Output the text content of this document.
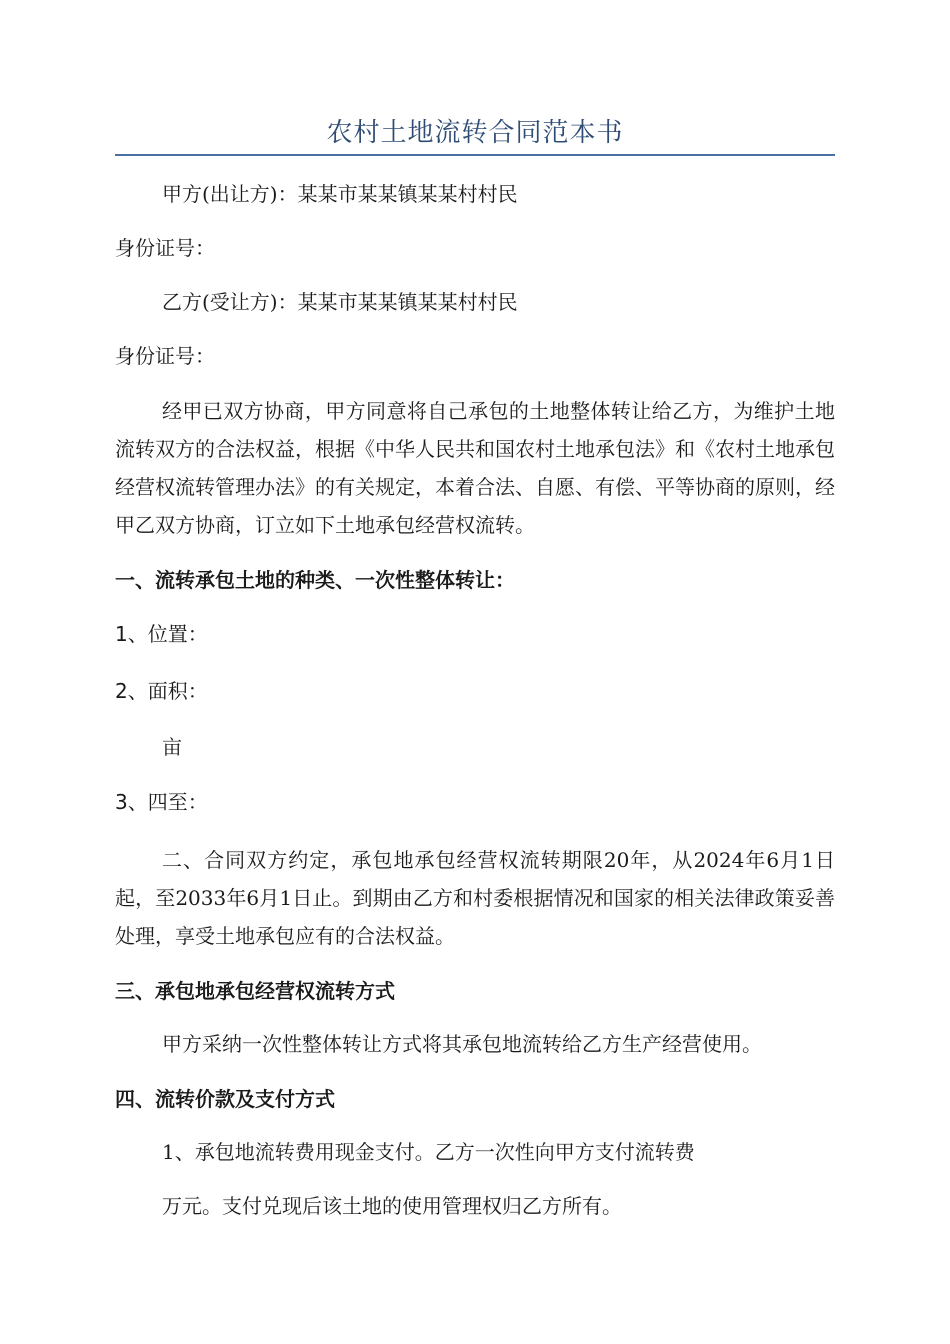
农村土地流转合同范本书
甲方(出让方)：某某市某某镇某某村村民
身份证号：
乙方(受让方)：某某市某某镇某某村村民
身份证号：

经甲已双方协商，甲方同意将自己承包的土地整体转让给乙方，为维护土地流转双方的合法权益，根据《中华人民共和国农村土地承包法》和《农村土地承包经营权流转管理办法》的有关规定，本着合法、自愿、有偿、平等协商的原则，经甲乙双方协商，订立如下土地承包经营权流转。

一、流转承包土地的种类、一次性整体转让：
1、位置：
2、面积：
亩
3、四至：

二、合同双方约定，承包地承包经营权流转期限20年，从2024年6月1日起，至2033年6月1日止。到期由乙方和村委根据情况和国家的相关法律政策妥善处理，享受土地承包应有的合法权益。

三、承包地承包经营权流转方式
甲方采纳一次性整体转让方式将其承包地流转给乙方生产经营使用。
四、流转价款及支付方式
1、承包地流转费用现金支付。乙方一次性向甲方支付流转费
万元。支付兑现后该土地的使用管理权归乙方所有。
